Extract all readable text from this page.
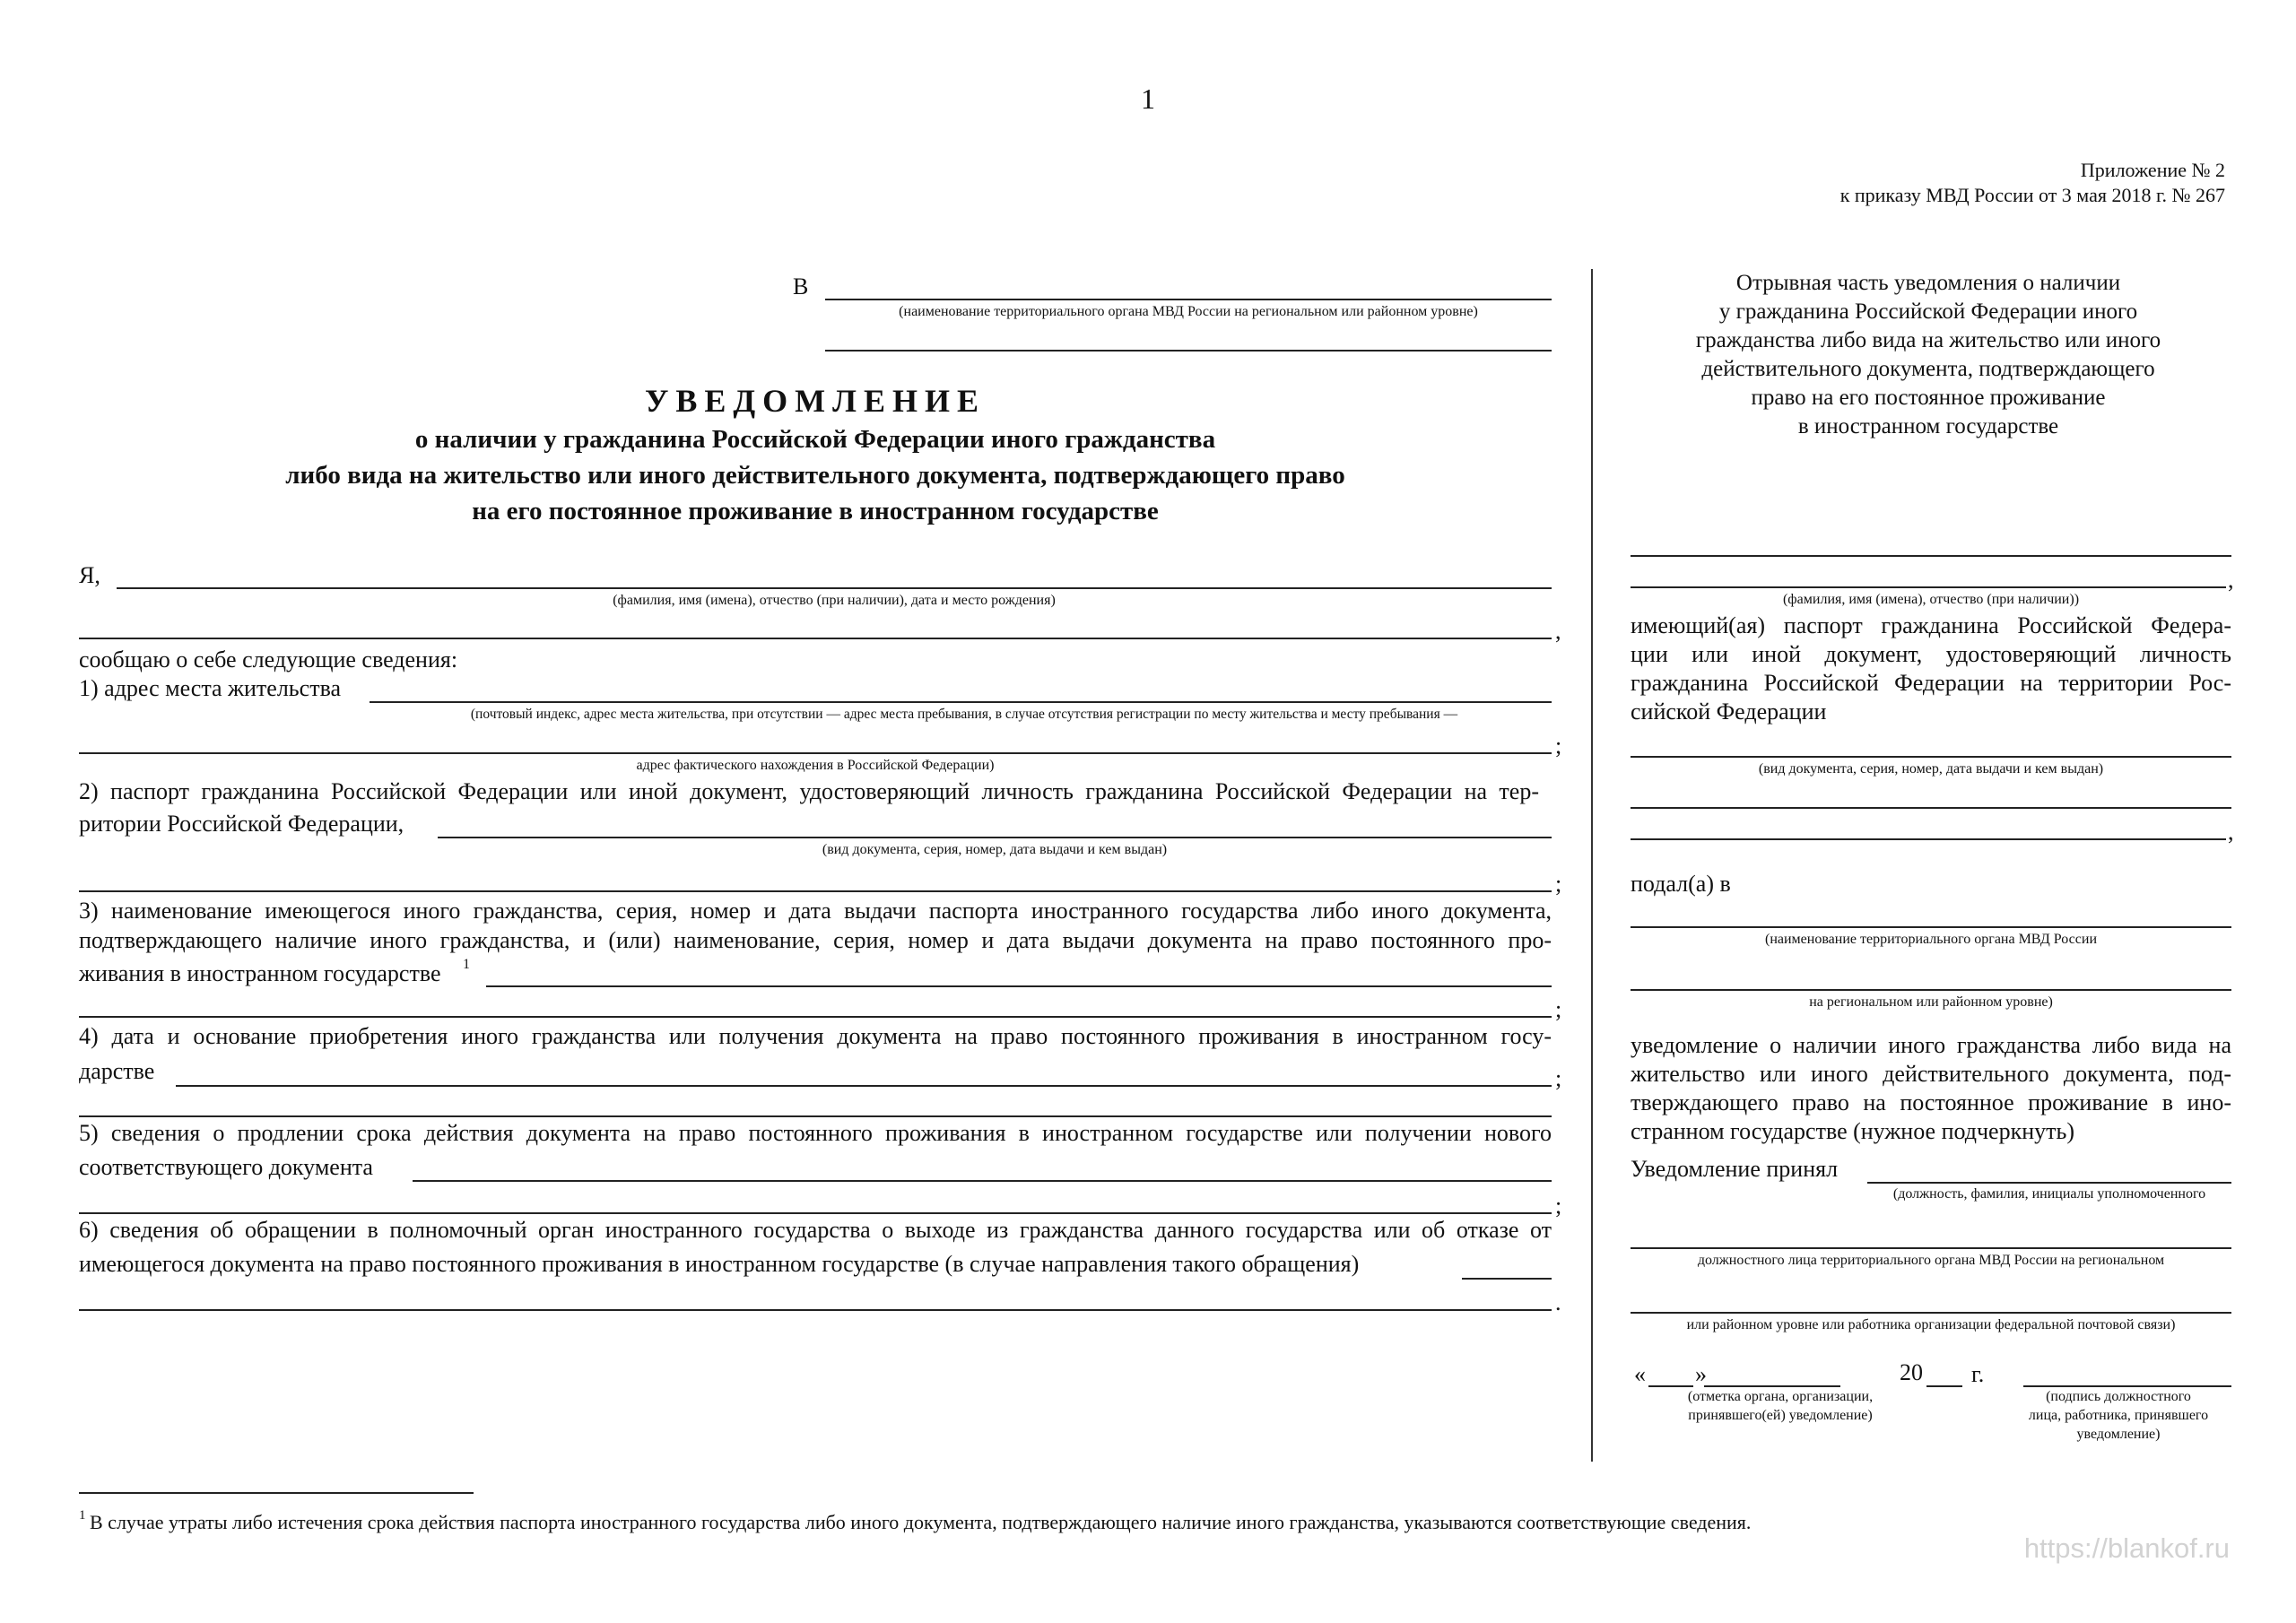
1
Приложение № 2
к приказу МВД России от 3 мая 2018 г. № 267
В
(наименование территориального органа МВД России на региональном или районном уровне)
УВЕДОМЛЕНИЕ
о наличии у гражданина Российской Федерации иного гражданства
либо вида на жительство или иного действительного документа, подтверждающего право
на его постоянное проживание в иностранном государстве
Я,
(фамилия, имя (имена), отчество (при наличии), дата и место рождения)
,
сообщаю о себе следующие сведения:
1) адрес места жительства
(почтовый индекс, адрес места жительства, при отсутствии — адрес места пребывания, в случае отсутствия регистрации по месту жительства и месту пребывания —
;
адрес фактического нахождения в Российской Федерации)
2) паспорт гражданина Российской Федерации или иной документ, удостоверяющий личность гражданина Российской Федерации на тер-
ритории Российской Федерации,
(вид документа, серия, номер, дата выдачи и кем выдан)
;
3) наименование имеющегося иного гражданства, серия, номер и дата выдачи паспорта иностранного государства либо иного документа,
подтверждающего наличие иного гражданства, и (или) наименование, серия, номер и дата выдачи документа на право постоянного про-
живания в иностранном государстве 1
;
4) дата и основание приобретения иного гражданства или получения документа на право постоянного проживания в иностранном госу-
дарстве	;
5) сведения о продлении срока действия документа на право постоянного проживания в иностранном государстве или получении нового
соответствующего документа
;
6) сведения об обращении в полномочный орган иностранного государства о выходе из гражданства данного государства или об отказе от
имеющегося документа на право постоянного проживания в иностранном государстве (в случае направления такого обращения)
.
Отрывная часть уведомления о наличии
у гражданина Российской Федерации иного
гражданства либо вида на жительство или иного
действительного документа, подтверждающего
право на его постоянное проживание
в иностранном государстве
,
(фамилия, имя (имена), отчество (при наличии))
имеющий(ая) паспорт гражданина Российской Федера-
ции или иной документ, удостоверяющий личность
гражданина Российской Федерации на территории Рос-
сийской Федерации
(вид документа, серия, номер, дата выдачи и кем выдан)
,
подал(а) в
(наименование территориального органа МВД России
на региональном или районном уровне)
уведомление о наличии иного гражданства либо вида на
жительство или иного действительного документа, под-
тверждающего право на постоянное проживание в ино-
странном государстве (нужное подчеркнуть)
Уведомление принял
(должность, фамилия, инициалы уполномоченного
должностного лица территориального органа МВД России на региональном
или районном уровне или работника организации федеральной почтовой связи)
« »	20 г.
(отметка органа, организации,
принявшего(ей) уведомление)
(подпись должностного
лица, работника, принявшего
уведомление)
1 В случае утраты либо истечения срока действия паспорта иностранного государства либо иного документа, подтверждающего наличие иного гражданства, указываются соответствующие сведения.
https://blankof.ru
